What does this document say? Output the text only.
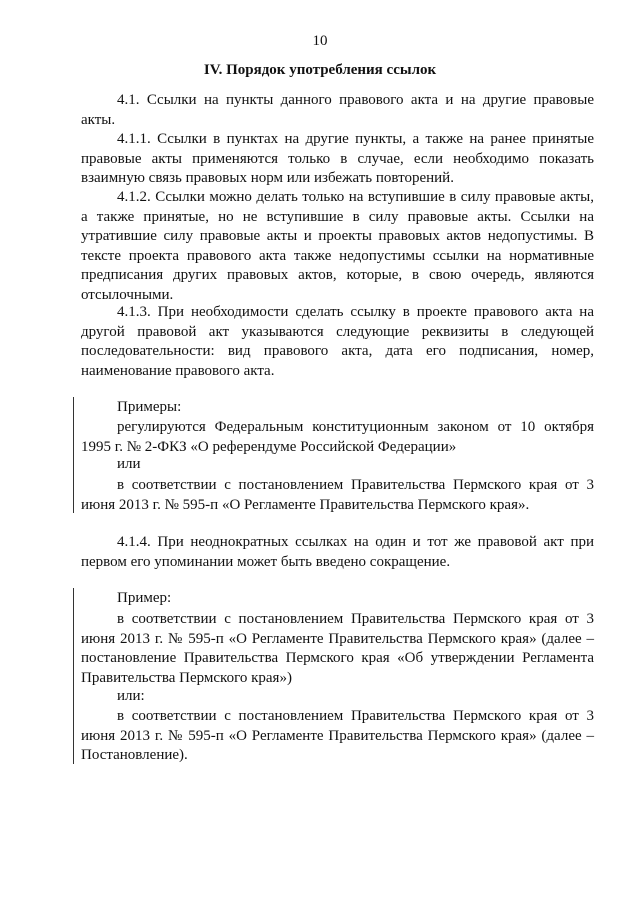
10
IV. Порядок употребления ссылок

4.1. Ссылки на пункты данного правового акта и на другие правовые акты.

4.1.1. Ссылки в пунктах на другие пункты, а также на ранее принятые правовые акты применяются только в случае, если необходимо показать взаимную связь правовых норм или избежать повторений.

4.1.2. Ссылки можно делать только на вступившие в силу правовые акты, а также принятые, но не вступившие в силу правовые акты. Ссылки на утратившие силу правовые акты и проекты правовых актов недопустимы. В тексте проекта правового акта также недопустимы ссылки на нормативные предписания других правовых актов, которые, в свою очередь, являются отсылочными.

4.1.3. При необходимости сделать ссылку в проекте правового акта на другой правовой акт указываются следующие реквизиты в следующей последовательности: вид правового акта, дата его подписания, номер, наименование правового акта.

Примеры:

регулируются Федеральным конституционным законом от 10 октября 1995 г. № 2-ФКЗ «О референдуме Российской Федерации»

или

в соответствии с постановлением Правительства Пермского края от 3 июня 2013 г. № 595-п «О Регламенте Правительства Пермского края».

4.1.4. При неоднократных ссылках на один и тот же правовой акт при первом его упоминании может быть введено сокращение.

Пример:

в соответствии с постановлением Правительства Пермского края от 3 июня 2013 г. № 595-п «О Регламенте Правительства Пермского края» (далее – постановление Правительства Пермского края «Об утверждении Регламента Правительства Пермского края»)

или:

в соответствии с постановлением Правительства Пермского края от 3 июня 2013 г. № 595-п «О Регламенте Правительства Пермского края» (далее – Постановление).
